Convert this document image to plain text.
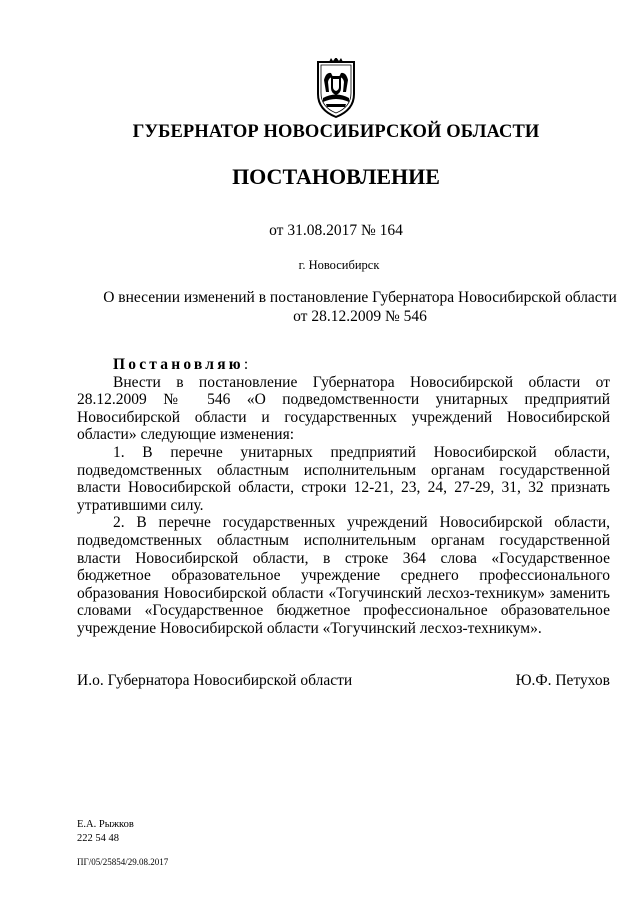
ГУБЕРНАТОР НОВОСИБИРСКОЙ ОБЛАСТИ
ПОСТАНОВЛЕНИЕ
от 31.08.2017 № 164
г. Новосибирск
О внесении изменений в постановление Губернатора Новосибирской области
от 28.12.2009 № 546
Постановляю:

Внести в постановление Губернатора Новосибирской области от 28.12.2009 № 546 «О подведомственности унитарных предприятий Новосибирской области и государственных учреждений Новосибирской области» следующие изменения:

1. В перечне унитарных предприятий Новосибирской области, подведомственных областным исполнительным органам государственной власти Новосибирской области, строки 12-21, 23, 24, 27-29, 31, 32 признать утратившими силу.

2. В перечне государственных учреждений Новосибирской области, подведомственных областным исполнительным органам государственной власти Новосибирской области, в строке 364 слова «Государственное бюджетное образовательное учреждение среднего профессионального образования Новосибирской области «Тогучинский лесхоз-техникум» заменить словами «Государственное бюджетное профессиональное образовательное учреждение Новосибирской области «Тогучинский лесхоз-техникум».

И.о. Губернатора Новосибирской области	Ю.Ф. Петухов
Е.А. Рыжков
222 54 48
ПГ/05/25854/29.08.2017
